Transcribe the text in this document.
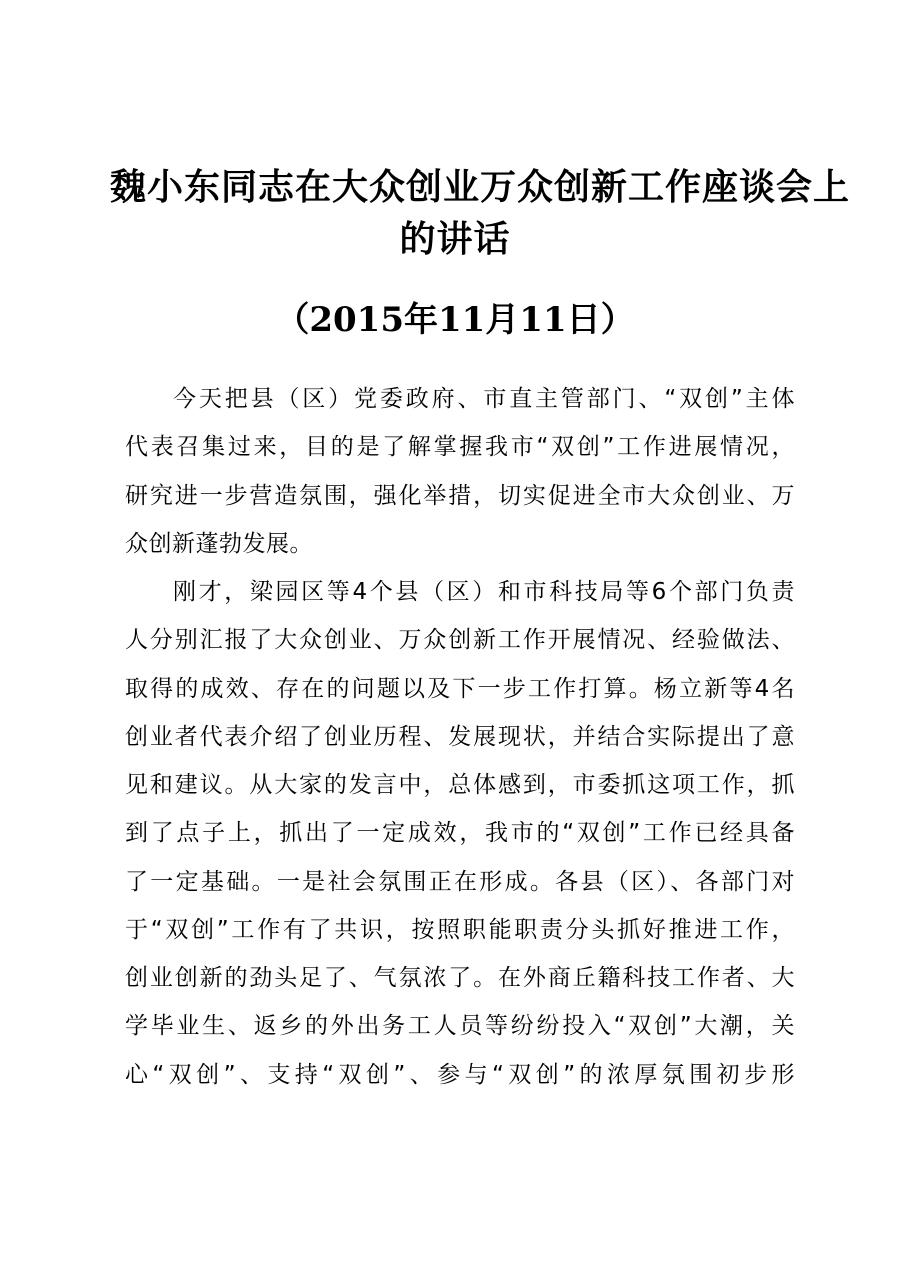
魏小东同志在大众创业万众创新工作座谈会上
的讲话
（2015年11月11日）
今天把县（区）党委政府、市直主管部门、“双创”主体
代表召集过来，目的是了解掌握我市“双创”工作进展情况，
研究进一步营造氛围，强化举措，切实促进全市大众创业、万
众创新蓬勃发展。
刚才，梁园区等4个县（区）和市科技局等6个部门负责
人分别汇报了大众创业、万众创新工作开展情况、经验做法、
取得的成效、存在的问题以及下一步工作打算。杨立新等4名
创业者代表介绍了创业历程、发展现状，并结合实际提出了意
见和建议。从大家的发言中，总体感到，市委抓这项工作，抓
到了点子上，抓出了一定成效，我市的“双创”工作已经具备
了一定基础。一是社会氛围正在形成。各县（区）、各部门对
于“双创”工作有了共识，按照职能职责分头抓好推进工作，
创业创新的劲头足了、气氛浓了。在外商丘籍科技工作者、大
学毕业生、返乡的外出务工人员等纷纷投入“双创”大潮，关
心“双创”、支持“双创”、参与“双创”的浓厚氛围初步形
